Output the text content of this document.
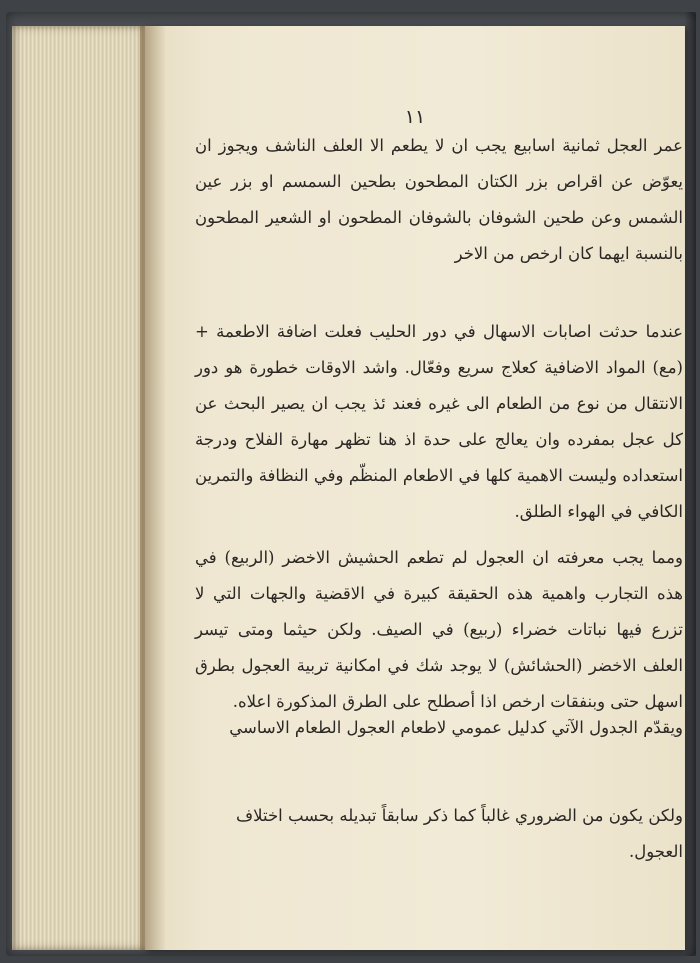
١١

عمر العجل ثمانية اسابيع يجب ان لا يطعم الا العلف الناشف ويجوز ان يعوّض عن اقراص بزر الكتان المطحون بطحين السمسم او بزر عين الشمس وعن طحين الشوفان بالشوفان المطحون او الشعير المطحون بالنسبة ايهما كان ارخص من الاخر

عندما حدثت اصابات الاسهال في دور الحليب فعلت اضافة الاطعمة + (مع) المواد الاضافية كعلاج سريع وفعّال. واشد الاوقات خطورة هو دور الانتقال من نوع من الطعام الى غيره فعند ئذ يجب ان يصير البحث عن كل عجل بمفرده وان يعالج على حدة اذ هنا تظهر مهارة الفلاح ودرجة استعداده وليست الاهمية كلها في الاطعام المنظّم وفي النظافة والتمرين الكافي في الهواء الطلق.

ومما يجب معرفته ان العجول لم تطعم الحشيش الاخضر (الربيع) في هذه التجارب واهمية هذه الحقيقة كبيرة في الاقضية والجهات التي لا تزرع فيها نباتات خضراء (ربيع) في الصيف. ولكن حيثما ومتى تيسر العلف الاخضر (الحشائش) لا يوجد شك في امكانية تربية العجول بطرق اسهل حتى وبنفقات ارخص اذا أصطلح على الطرق المذكورة اعلاه.

ويقدّم الجدول الآتي كدليل عمومي لاطعام العجول الطعام الاساسي

ولكن يكون من الضروري غالباً كما ذكر سابقاً تبديله بحسب اختلاف العجول.
